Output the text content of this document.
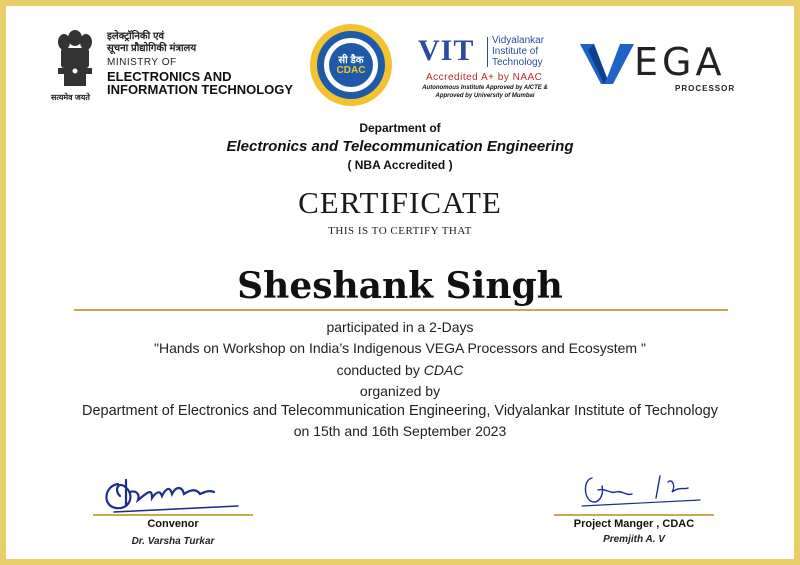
सत्यमेव जयते
इलेक्ट्रॉनिकी एवं
सूचना प्रौद्योगिकी मंत्रालय
MINISTRY OF
ELECTRONICS AND
INFORMATION TECHNOLOGY
सी डैक
CDAC
VIT Vidyalankar
Institute of
Technology
Accredited A+ by NAAC
Autonomous Institute Approved by AICTE &
Approved by University of Mumbai
EGA
PROCESSOR
Department of
Electronics and Telecommunication Engineering
( NBA Accredited )
CERTIFICATE
THIS IS TO CERTIFY THAT
Sheshank Singh
participated in a 2-Days
"Hands on Workshop on India’s Indigenous VEGA Processors and Ecosystem "
conducted by CDAC
organized by
Department of Electronics and Telecommunication Engineering, Vidyalankar Institute of Technology
on 15th and 16th September 2023
Convenor
Dr. Varsha Turkar
Project Manger , CDAC
Premjith A. V
